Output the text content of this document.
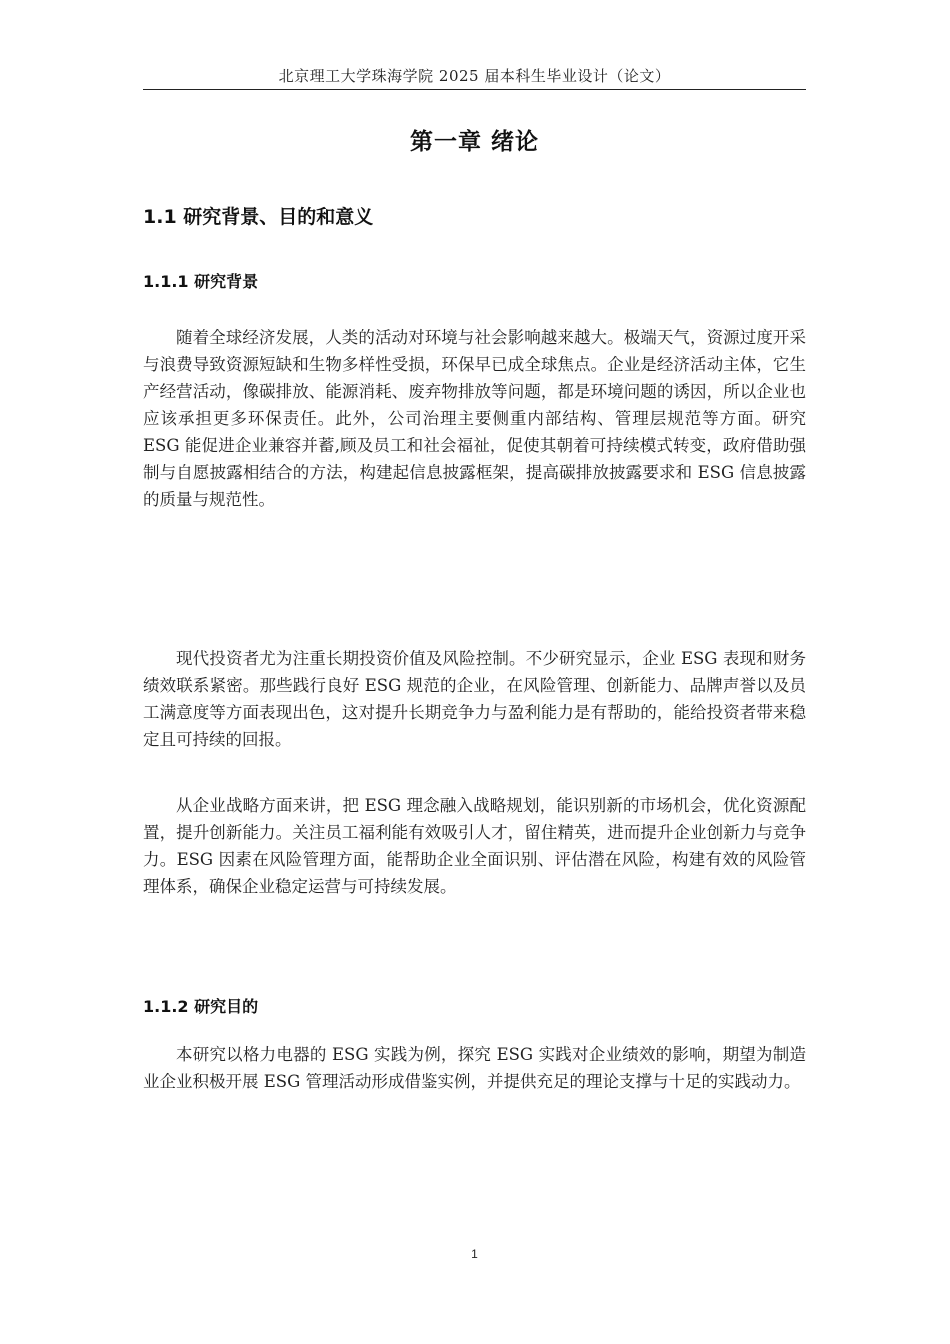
北京理工大学珠海学院 2025 届本科生毕业设计（论文）
第一章 绪论
1.1 研究背景、目的和意义
1.1.1 研究背景

随着全球经济发展，人类的活动对环境与社会影响越来越大。极端天气，资源过度开采与浪费导致资源短缺和生物多样性受损，环保早已成全球焦点。企业是经济活动主体，它生产经营活动，像碳排放、能源消耗、废弃物排放等问题，都是环境问题的诱因，所以企业也应该承担更多环保责任。此外，公司治理主要侧重内部结构、管理层规范等方面。研究 ESG 能促进企业兼容并蓄,顾及员工和社会福祉，促使其朝着可持续模式转变，政府借助强制与自愿披露相结合的方法，构建起信息披露框架，提高碳排放披露要求和 ESG 信息披露的质量与规范性。

现代投资者尤为注重长期投资价值及风险控制。不少研究显示，企业 ESG 表现和财务绩效联系紧密。那些践行良好 ESG 规范的企业，在风险管理、创新能力、品牌声誉以及员工满意度等方面表现出色，这对提升长期竞争力与盈利能力是有帮助的，能给投资者带来稳定且可持续的回报。

从企业战略方面来讲，把 ESG 理念融入战略规划，能识别新的市场机会，优化资源配置，提升创新能力。关注员工福利能有效吸引人才，留住精英，进而提升企业创新力与竞争力。ESG 因素在风险管理方面，能帮助企业全面识别、评估潜在风险，构建有效的风险管理体系，确保企业稳定运营与可持续发展。

1.1.2 研究目的

本研究以格力电器的 ESG 实践为例，探究 ESG 实践对企业绩效的影响，期望为制造业企业积极开展 ESG 管理活动形成借鉴实例，并提供充足的理论支撑与十足的实践动力。

1
